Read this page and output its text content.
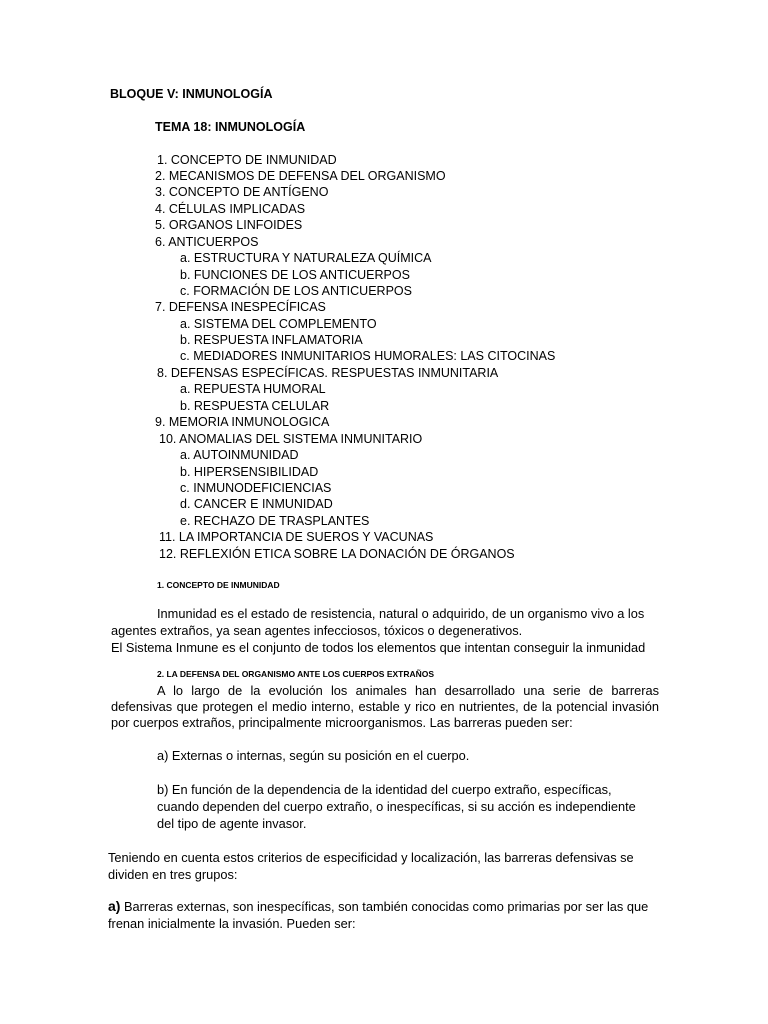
BLOQUE V: INMUNOLOGÍA
TEMA 18: INMUNOLOGÍA
1. CONCEPTO DE INMUNIDAD
2. MECANISMOS DE DEFENSA DEL ORGANISMO
3. CONCEPTO DE ANTÍGENO
4. CÉLULAS IMPLICADAS
5. ORGANOS LINFOIDES
6. ANTICUERPOS
a. ESTRUCTURA Y NATURALEZA QUÍMICA
b. FUNCIONES DE LOS ANTICUERPOS
c. FORMACIÓN DE LOS ANTICUERPOS
7. DEFENSA INESPECÍFICAS
a. SISTEMA DEL COMPLEMENTO
b. RESPUESTA INFLAMATORIA
c. MEDIADORES INMUNITARIOS HUMORALES: LAS CITOCINAS
8. DEFENSAS ESPECÍFICAS. RESPUESTAS INMUNITARIA
a. REPUESTA HUMORAL
b. RESPUESTA CELULAR
9. MEMORIA INMUNOLOGICA
10. ANOMALIAS DEL SISTEMA INMUNITARIO
a. AUTOINMUNIDAD
b. HIPERSENSIBILIDAD
c. INMUNODEFICIENCIAS
d. CANCER E INMUNIDAD
e. RECHAZO DE TRASPLANTES
11. LA IMPORTANCIA DE SUEROS Y VACUNAS
12. REFLEXIÓN ETICA SOBRE LA DONACIÓN DE ÓRGANOS
1. CONCEPTO DE INMUNIDAD
Inmunidad es el estado de resistencia, natural o adquirido, de un organismo vivo a los
agentes extraños, ya sean agentes infecciosos, tóxicos o degenerativos.
El Sistema Inmune es el conjunto de todos los elementos que intentan conseguir la inmunidad
2. LA DEFENSA DEL ORGANISMO ANTE LOS CUERPOS EXTRAÑOS
A lo largo de la evolución los animales han desarrollado una serie de barreras
defensivas que protegen el medio interno, estable y rico en nutrientes, de la potencial invasión
por cuerpos extraños, principalmente microorganismos. Las barreras pueden ser:
a) Externas o internas, según su posición en el cuerpo.
b) En función de la dependencia de la identidad del cuerpo extraño, específicas,
cuando dependen del cuerpo extraño, o inespecíficas, si su acción es independiente
del tipo de agente invasor.
Teniendo en cuenta estos criterios de especificidad y localización, las barreras defensivas se
dividen en tres grupos:
a) Barreras externas, son inespecíficas, son también conocidas como primarias por ser las que
frenan inicialmente la invasión. Pueden ser:
